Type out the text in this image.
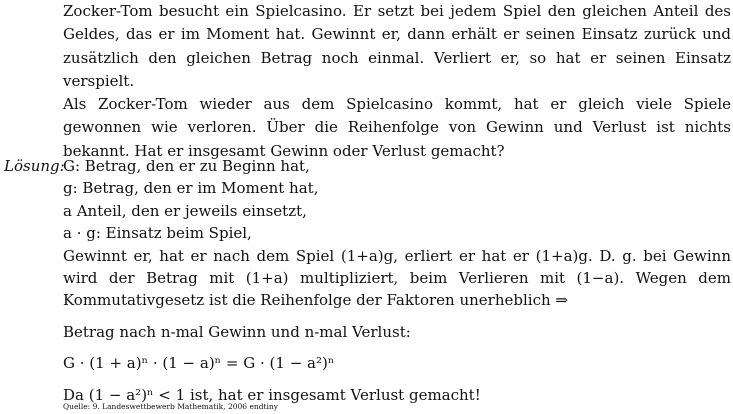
Zocker-Tom besucht ein Spielcasino. Er setzt bei jedem Spiel den gleichen Anteil des Geldes, das er im Moment hat. Gewinnt er, dann erhält er seinen Einsatz zurück und zusätzlich den gleichen Betrag noch einmal. Verliert er, so hat er seinen Einsatz verspielt.

Als Zocker-Tom wieder aus dem Spielcasino kommt, hat er gleich viele Spiele gewonnen wie verloren. Über die Reihenfolge von Gewinn und Verlust ist nichts bekannt. Hat er insgesamt Gewinn oder Verlust gemacht?

Lösung:

G: Betrag, den er zu Beginn hat,

g: Betrag, den er im Moment hat,

a Anteil, den er jeweils einsetzt,

a · g: Einsatz beim Spiel,

Gewinnt er, hat er nach dem Spiel (1+a)g, erliert er hat er (1+a)g. D. g. bei Gewinn wird der Betrag mit (1+a) multipliziert, beim Verlieren mit (1−a). Wegen dem Kommutativgesetz ist die Reihenfolge der Faktoren unerheblich ⇒

Betrag nach n-mal Gewinn und n-mal Verlust:

G · (1 + a)ⁿ · (1 − a)ⁿ = G · (1 − a²)ⁿ

Da (1 − a²)ⁿ < 1 ist, hat er insgesamt Verlust gemacht!

Quelle: 9. Landeswettbewerb Mathematik, 2006 endtiny
